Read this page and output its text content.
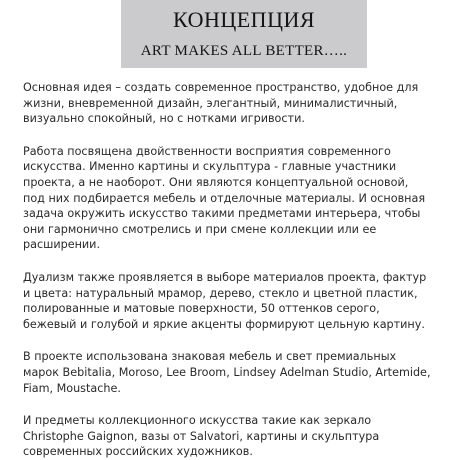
КОНЦЕПЦИЯ
ART MAKES ALL BETTER…..

Основная идея – создать современное пространство, удобное для жизни, вневременной дизайн, элегантный, минималистичный, визуально спокойный, но с нотками игривости.

Работа посвящена двойственности восприятия современного искусства. Именно картины и скульптура - главные участники проекта, а не наоборот. Они являются концептуальной основой, под них подбирается мебель и отделочные материалы. И основная задача окружить искусство такими предметами интерьера, чтобы они гармонично смотрелись и при смене коллекции или ее расширении.

Дуализм также проявляется в выборе материалов проекта, фактур и цвета: натуральный мрамор, дерево, стекло и цветной пластик, полированные и матовые поверхности, 50 оттенков серого, бежевый и голубой и яркие акценты формируют цельную картину.

В проекте использована знаковая мебель и свет премиальных марок Bebitalia, Moroso, Lee Broom, Lindsey Adelman Studio, Artemide, Fiam, Moustache.

И предметы коллекционного искусства такие как зеркало Christophe Gaignon, вазы от Salvatori, картины и скульптура современных российских художников.
